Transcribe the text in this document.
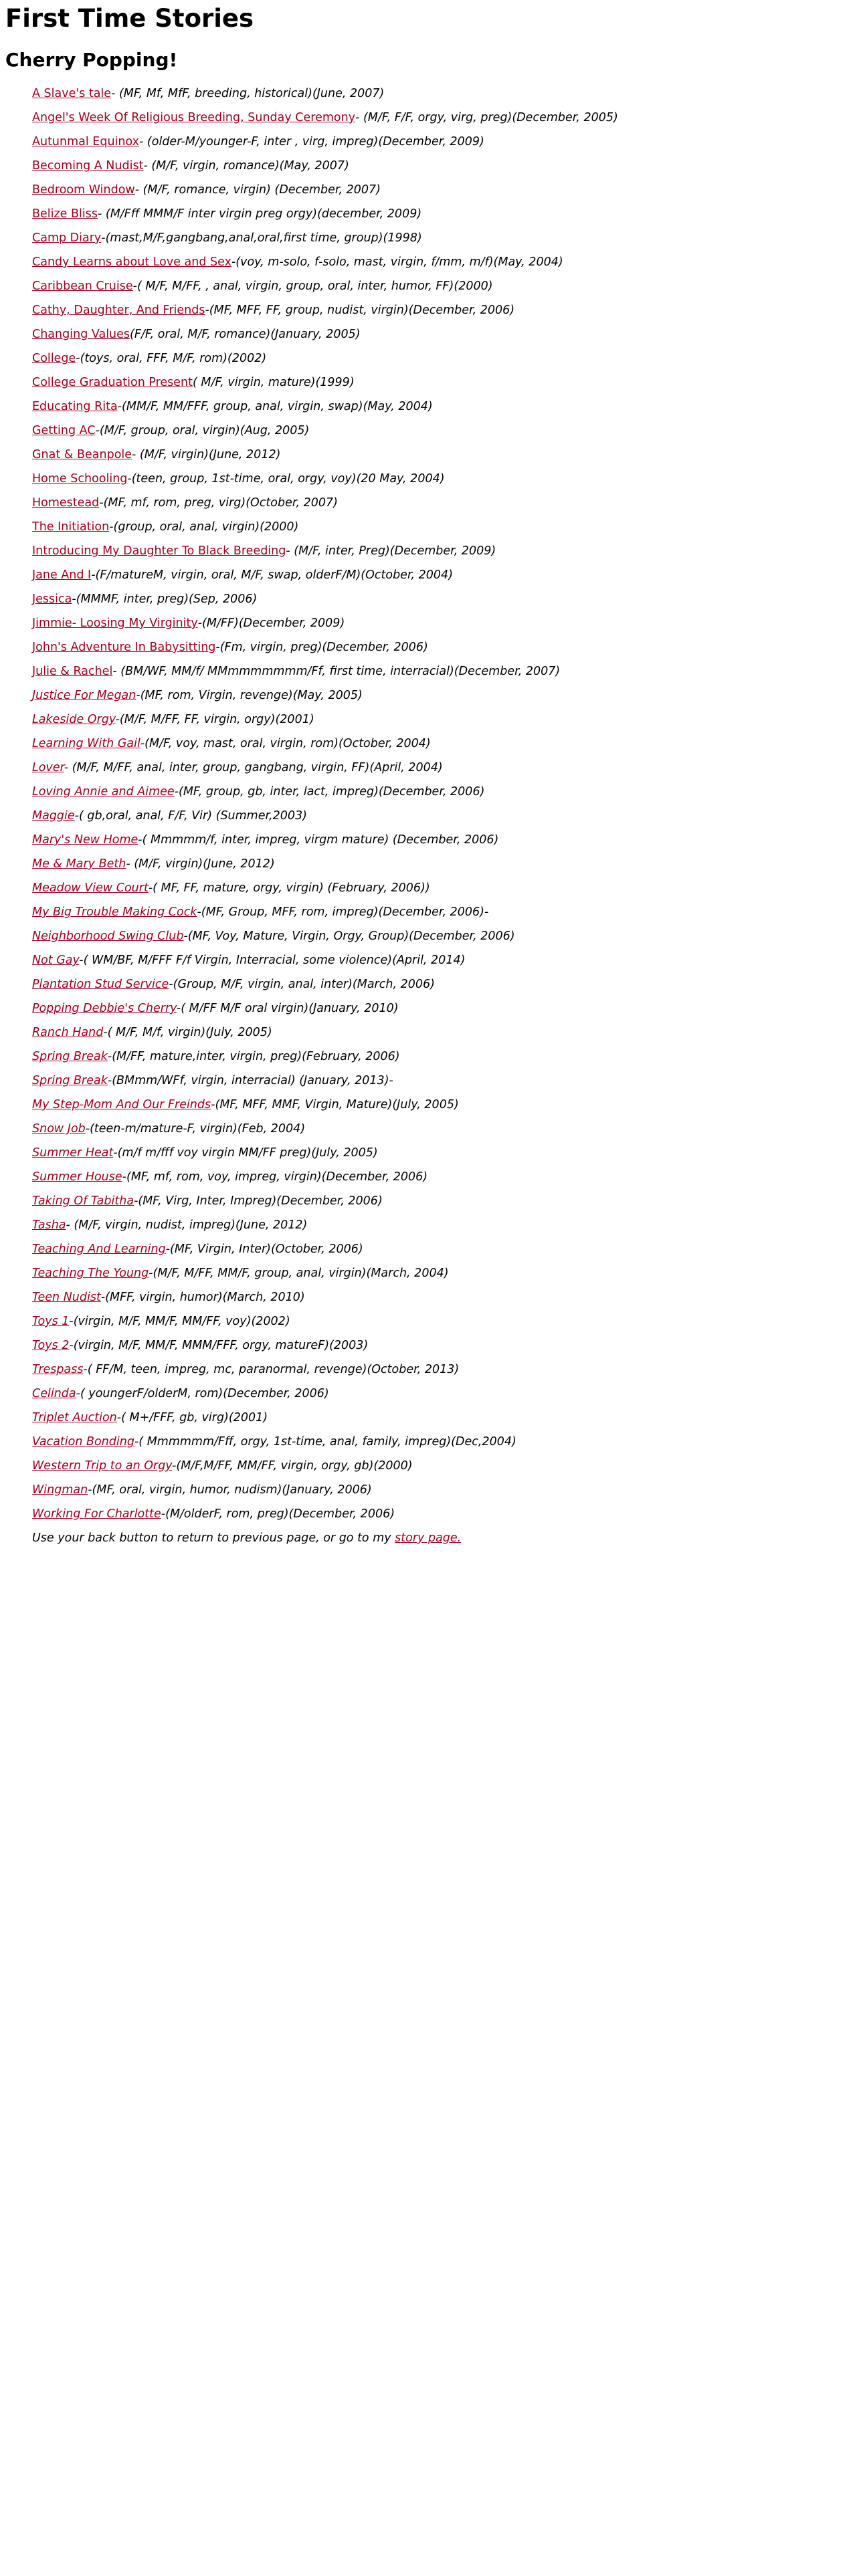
First Time Stories
Cherry Popping!
A Slave's tale- (MF, Mf, MfF, breeding, historical)(June, 2007)
Angel's Week Of Religious Breeding, Sunday Ceremony- (M/F, F/F, orgy, virg, preg)(December, 2005)
Autunmal Equinox- (older-M/younger-F, inter , virg, impreg)(December, 2009)
Becoming A Nudist- (M/F, virgin, romance)(May, 2007)
Bedroom Window- (M/F, romance, virgin) (December, 2007)
Belize Bliss- (M/Fff MMM/F inter virgin preg orgy)(december, 2009)
Camp Diary-(mast,M/F,gangbang,anal,oral,first time, group)(1998)
Candy Learns about Love and Sex-(voy, m-solo, f-solo, mast, virgin, f/mm, m/f)(May, 2004)
Caribbean Cruise-( M/F, M/FF, , anal, virgin, group, oral, inter, humor, FF)(2000)
Cathy, Daughter, And Friends-(MF, MFF, FF, group, nudist, virgin)(December, 2006)
Changing Values(F/F, oral, M/F, romance)(January, 2005)
College-(toys, oral, FFF, M/F, rom)(2002)
College Graduation Present( M/F, virgin, mature)(1999)
Educating Rita-(MM/F, MM/FFF, group, anal, virgin, swap)(May, 2004)
Getting AC-(M/F, group, oral, virgin)(Aug, 2005)
Gnat & Beanpole- (M/F, virgin)(June, 2012)
Home Schooling-(teen, group, 1st-time, oral, orgy, voy)(20 May, 2004)
Homestead-(MF, mf, rom, preg, virg)(October, 2007)
The Initiation-(group, oral, anal, virgin)(2000)
Introducing My Daughter To Black Breeding- (M/F, inter, Preg)(December, 2009)
Jane And I-(F/matureM, virgin, oral, M/F, swap, olderF/M)(October, 2004)
Jessica-(MMMF, inter, preg)(Sep, 2006)
Jimmie- Loosing My Virginity-(M/FF)(December, 2009)
John's Adventure In Babysitting-(Fm, virgin, preg)(December, 2006)
Julie & Rachel- (BM/WF, MM/f/ MMmmmmmmm/Ff, first time, interracial)(December, 2007)
Justice For Megan-(MF, rom, Virgin, revenge)(May, 2005)
Lakeside Orgy-(M/F, M/FF, FF, virgin, orgy)(2001)
Learning With Gail-(M/F, voy, mast, oral, virgin, rom)(October, 2004)
Lover- (M/F, M/FF, anal, inter, group, gangbang, virgin, FF)(April, 2004)
Loving Annie and Aimee-(MF, group, gb, inter, lact, impreg)(December, 2006)
Maggie-( gb,oral, anal, F/F, Vir) (Summer,2003)
Mary's New Home-( Mmmmm/f, inter, impreg, virgm mature) (December, 2006)
Me & Mary Beth- (M/F, virgin)(June, 2012)
Meadow View Court-( MF, FF, mature, orgy, virgin) (February, 2006))
My Big Trouble Making Cock-(MF, Group, MFF, rom, impreg)(December, 2006)-
Neighborhood Swing Club-(MF, Voy, Mature, Virgin, Orgy, Group)(December, 2006)
Not Gay-( WM/BF, M/FFF F/f Virgin, Interracial, some violence)(April, 2014)
Plantation Stud Service-(Group, M/F, virgin, anal, inter)(March, 2006)
Popping Debbie's Cherry-( M/FF M/F oral virgin)(January, 2010)
Ranch Hand-( M/F, M/f, virgin)(July, 2005)
Spring Break-(M/FF, mature,inter, virgin, preg)(February, 2006)
Spring Break-(BMmm/WFf, virgin, interracial) (January, 2013)-
My Step-Mom And Our Freinds-(MF, MFF, MMF, Virgin, Mature)(July, 2005)
Snow Job-(teen-m/mature-F, virgin)(Feb, 2004)
Summer Heat-(m/f m/fff voy virgin MM/FF preg)(July, 2005)
Summer House-(MF, mf, rom, voy, impreg, virgin)(December, 2006)
Taking Of Tabitha-(MF, Virg, Inter, Impreg)(December, 2006)
Tasha- (M/F, virgin, nudist, impreg)(June, 2012)
Teaching And Learning-(MF, Virgin, Inter)(October, 2006)
Teaching The Young-(M/F, M/FF, MM/F, group, anal, virgin)(March, 2004)
Teen Nudist-(MFF, virgin, humor)(March, 2010)
Toys 1-(virgin, M/F, MM/F, MM/FF, voy)(2002)
Toys 2-(virgin, M/F, MM/F, MMM/FFF, orgy, matureF)(2003)
Trespass-( FF/M, teen, impreg, mc, paranormal, revenge)(October, 2013)
Celinda-( youngerF/olderM, rom)(December, 2006)
Triplet Auction-( M+/FFF, gb, virg)(2001)
Vacation Bonding-( Mmmmmm/Fff, orgy, 1st-time, anal, family, impreg)(Dec,2004)
Western Trip to an Orgy-(M/F,M/FF, MM/FF, virgin, orgy, gb)(2000)
Wingman-(MF, oral, virgin, humor, nudism)(January, 2006)
Working For Charlotte-(M/olderF, rom, preg)(December, 2006)
Use your back button to return to previous page, or go to my story page.
